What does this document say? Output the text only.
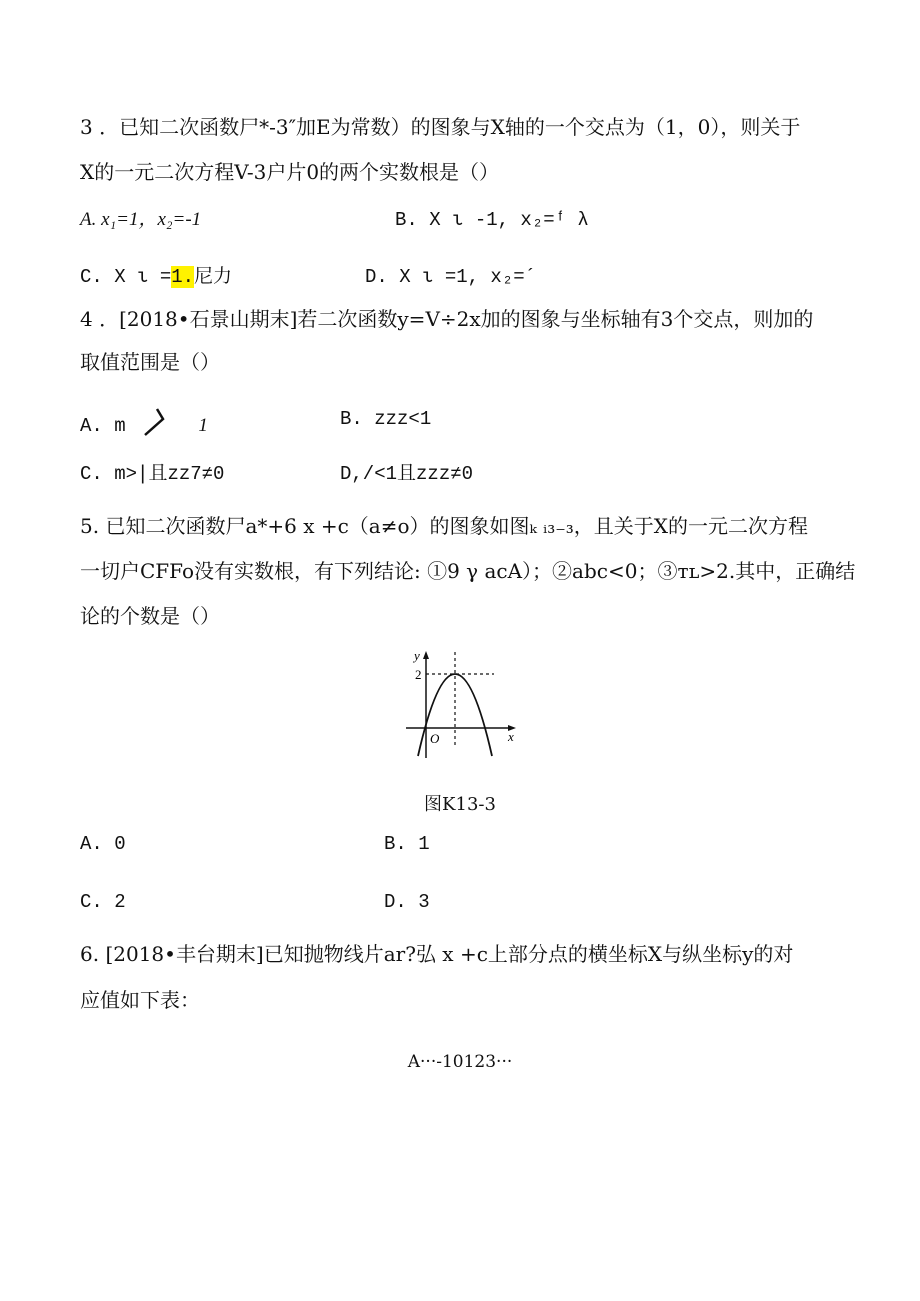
3 ．已知二次函数尸*-3″加E为常数）的图象与X轴的一个交点为（1，0），则关于
X的一元二次方程V-3户片0的两个实数根是（）
A. x₁=1，x₂=-1	B. X ι -1, x₂=ᶠ λ
C. X ι =1.尼力	D. X ι =1, x₂=´
4 ．[2018•石景山期末]若二次函数y=V÷2x加的图象与坐标轴有3个交点，则加的
取值范围是（）
A. m	1	B. zzz<1
C. m>∣且zz7≠0	D,/<1且zzz≠0
5. 已知二次函数尸a*+6 x +c（a≠o）的图象如图ₖ ᵢ₃₋₃，且关于X的一元二次方程
一切户CFFo没有实数根，有下列结论: ①9 γ acA）；②abc<0；③ᴛʟ>2.其中，正确结
论的个数是（）
y
x
O
2
图K13-3
A. 0	B. 1
C. 2	D. 3
6. [2018•丰台期末]已知抛物线片ar?弘 x +c上部分点的横坐标X与纵坐标y的对
应值如下表：
A···-10123···
